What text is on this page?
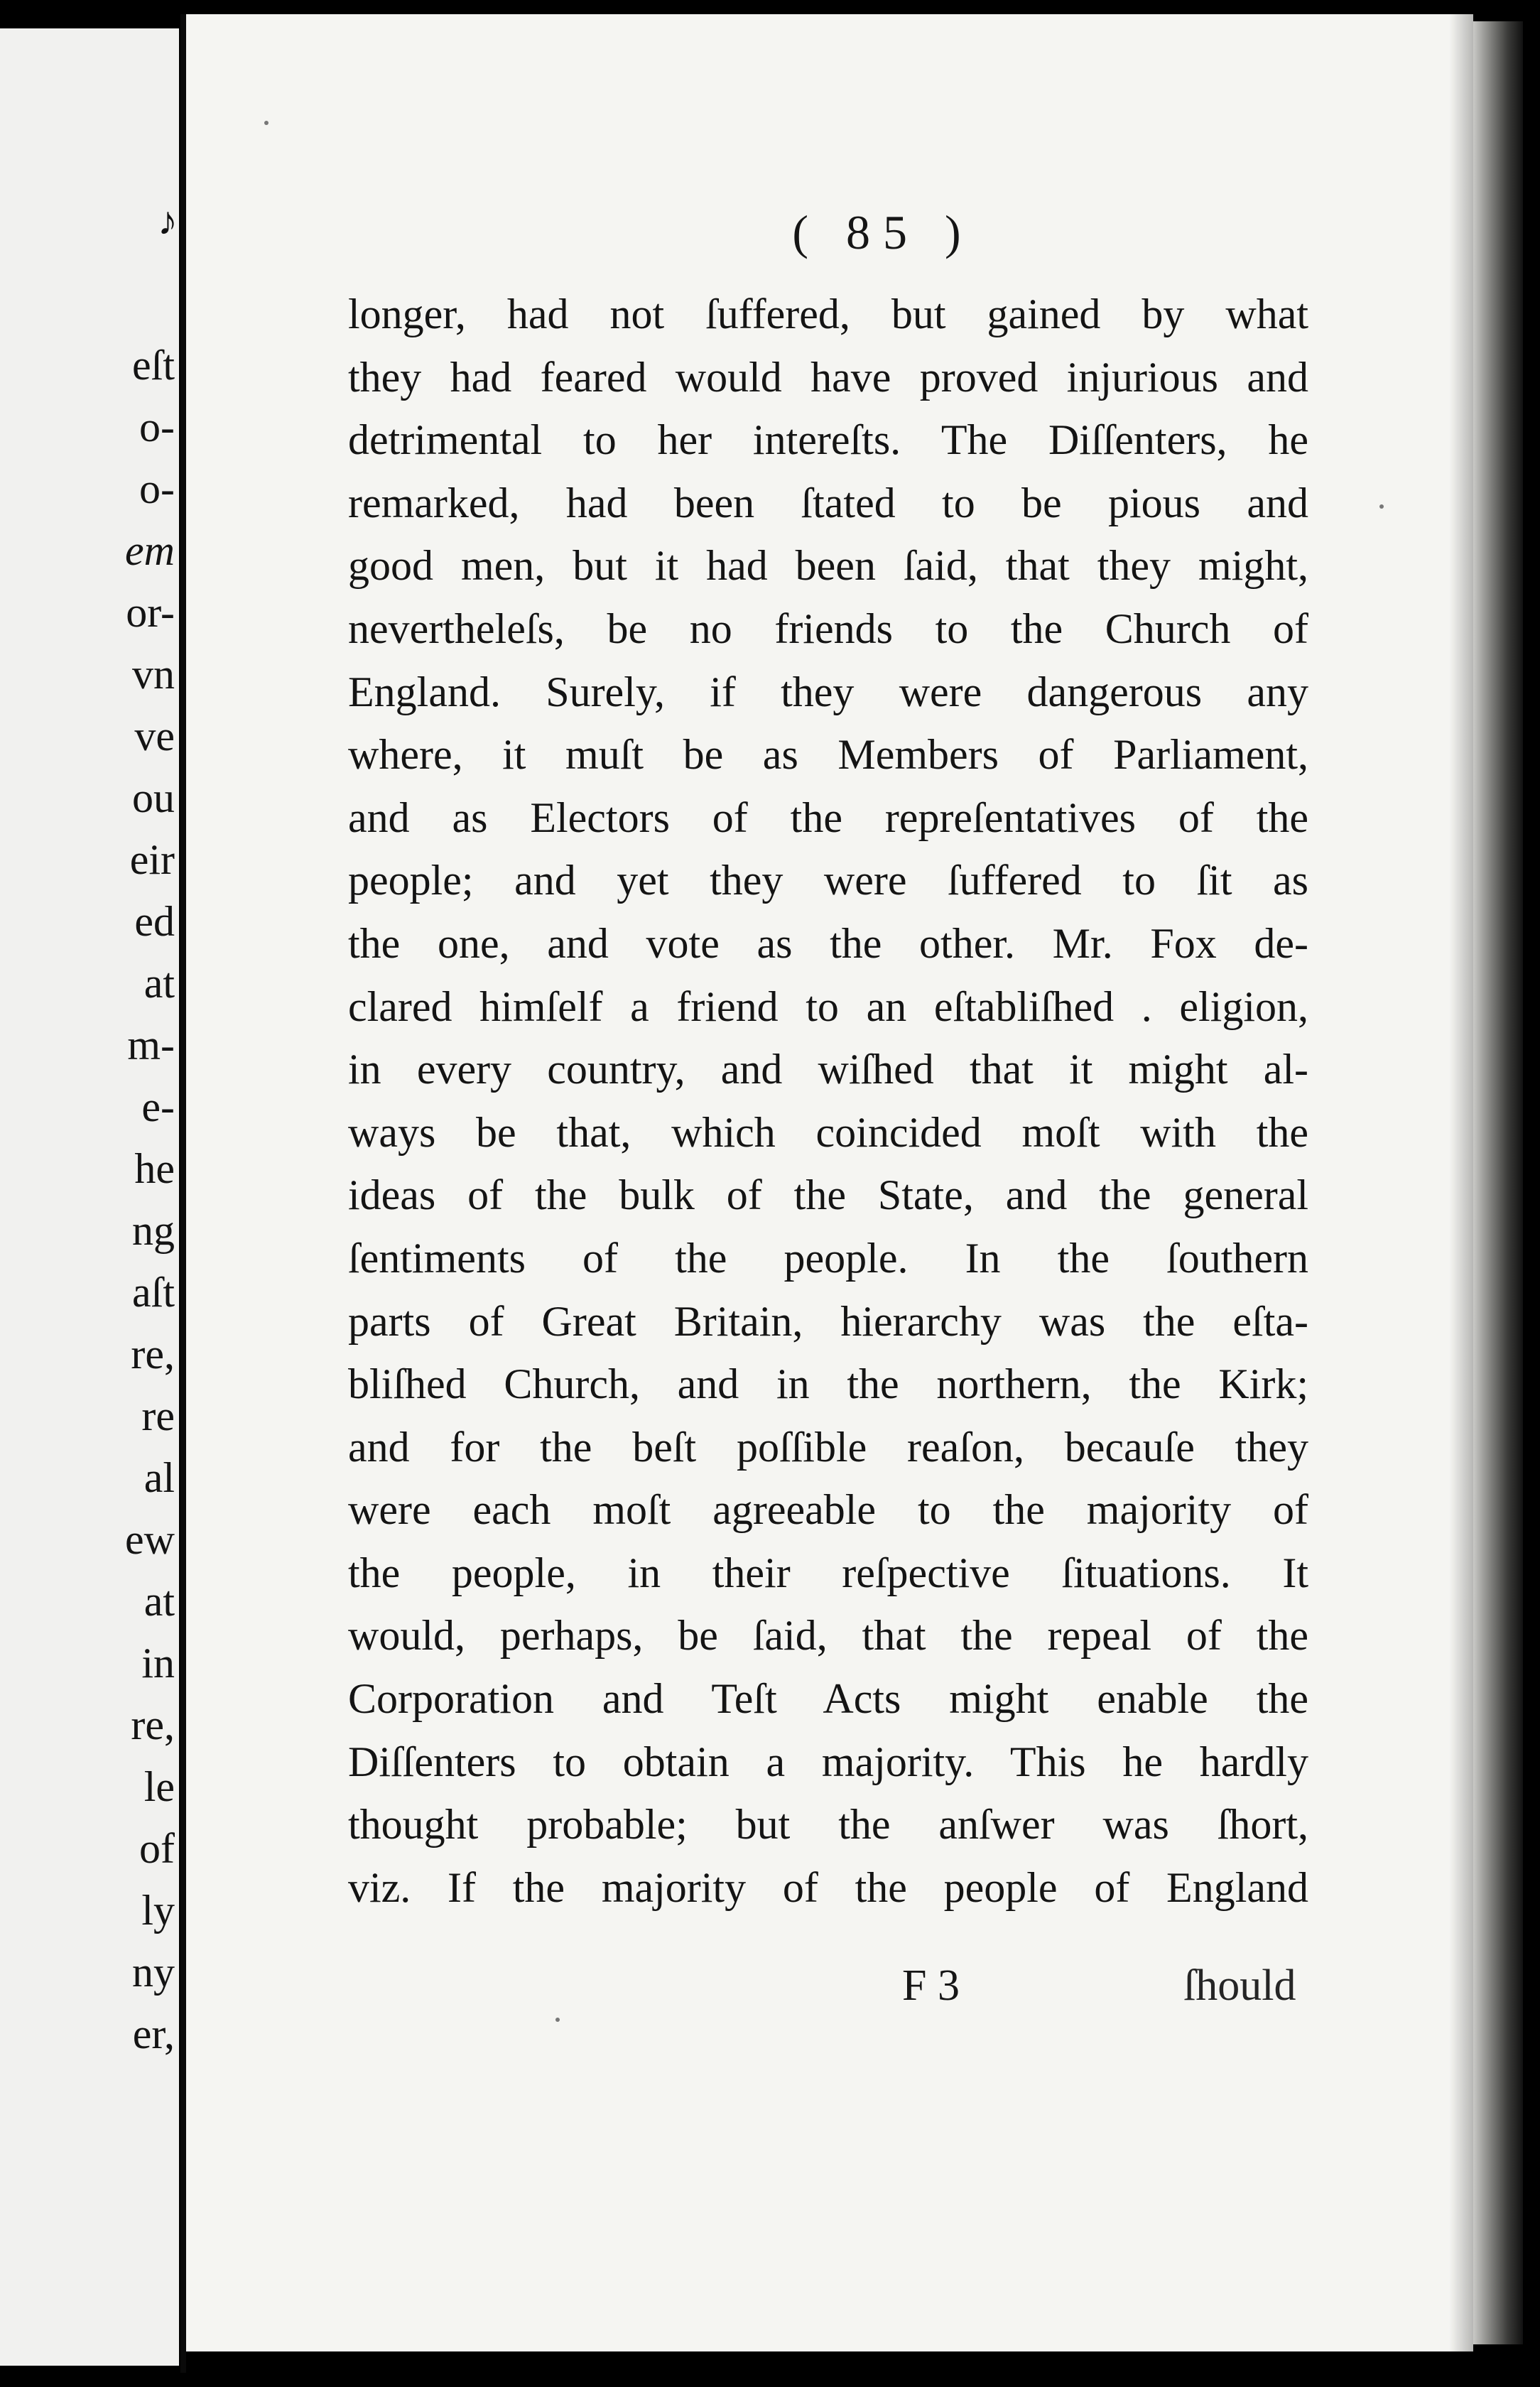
eſt
o-
o-
em
or-
vn
ve
ou
eir
ed
at
m-
e-
he
ng
aſt
re,
re
al
ew
at
in
re,
le
of
ly
ny
er,
( 85 )
longer, had not ſuffered, but gained by what
they had feared would have proved injurious and
detrimental to her intereſts. The Diſſenters, he
remarked, had been ſtated to be pious and
good men, but it had been ſaid, that they might,
nevertheleſs, be no friends to the Church of
England. Surely, if they were dangerous any
where, it muſt be as Members of Parliament,
and as Electors of the repreſentatives of the
people; and yet they were ſuffered to ſit as
the one, and vote as the other. Mr. Fox de-
clared himſelf a friend to an eſtabliſhed . eligion,
in every country, and wiſhed that it might al-
ways be that, which coincided moſt with the
ideas of the bulk of the State, and the general
ſentiments of the people. In the ſouthern
parts of Great Britain, hierarchy was the eſta-
bliſhed Church, and in the northern, the Kirk;
and for the beſt poſſible reaſon, becauſe they
were each moſt agreeable to the majority of
the people, in their reſpective ſituations. It
would, perhaps, be ſaid, that the repeal of the
Corporation and Teſt Acts might enable the
Diſſenters to obtain a majority. This he hardly
thought probable; but the anſwer was ſhort,
viz. If the majority of the people of England
F 3	ſhould
♪
